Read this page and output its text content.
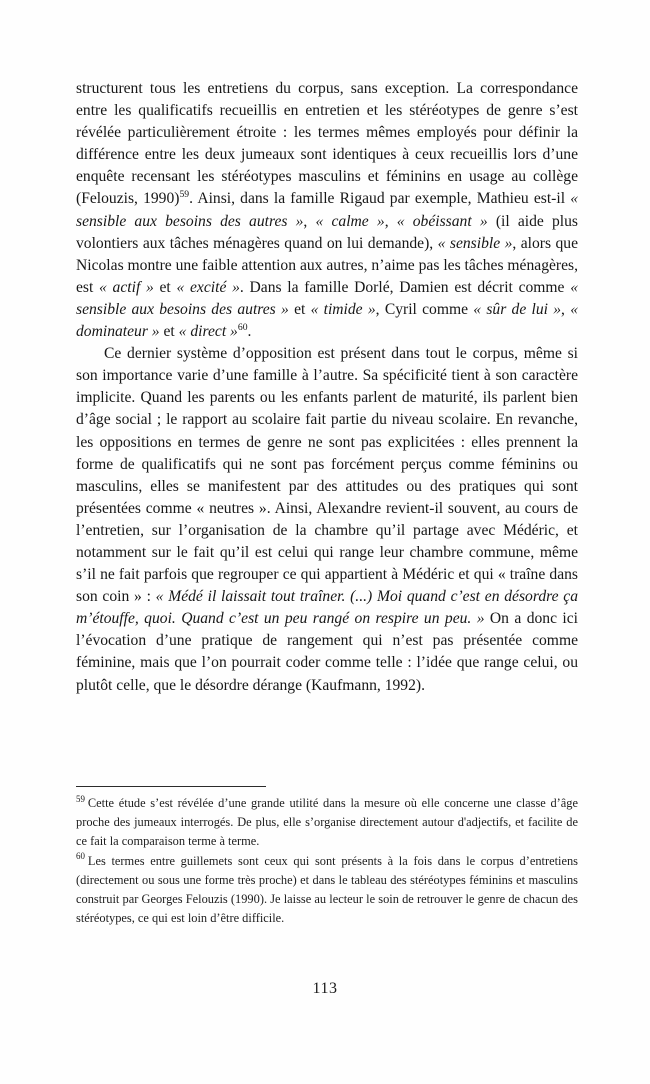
structurent tous les entretiens du corpus, sans exception. La correspondance entre les qualificatifs recueillis en entretien et les stéréotypes de genre s’est révélée particulièrement étroite : les termes mêmes employés pour définir la différence entre les deux jumeaux sont identiques à ceux recueillis lors d’une enquête recensant les stéréotypes masculins et féminins en usage au collège (Felouzis, 1990)$^{59}$. Ainsi, dans la famille Rigaud par exemple, Mathieu est-il « sensible aux besoins des autres », « calme », « obéissant » (il aide plus volontiers aux tâches ménagères quand on lui demande), « sensible », alors que Nicolas montre une faible attention aux autres, n’aime pas les tâches ménagères, est « actif » et « excité ». Dans la famille Dorlé, Damien est décrit comme « sensible aux besoins des autres » et « timide », Cyril comme « sûr de lui », « dominateur » et « direct »$^{60}$.

Ce dernier système d’opposition est présent dans tout le corpus, même si son importance varie d’une famille à l’autre. Sa spécificité tient à son caractère implicite. Quand les parents ou les enfants parlent de maturité, ils parlent bien d’âge social ; le rapport au scolaire fait partie du niveau scolaire. En revanche, les oppositions en termes de genre ne sont pas explicitées : elles prennent la forme de qualificatifs qui ne sont pas forcément perçus comme féminins ou masculins, elles se manifestent par des attitudes ou des pratiques qui sont présentées comme « neutres ». Ainsi, Alexandre revient-il souvent, au cours de l’entretien, sur l’organisation de la chambre qu’il partage avec Médéric, et notamment sur le fait qu’il est celui qui range leur chambre commune, même s’il ne fait parfois que regrouper ce qui appartient à Médéric et qui « traîne dans son coin » : « Médé il laissait tout traîner. (...) Moi quand c’est en désordre ça m’étouffe, quoi. Quand c’est un peu rangé on respire un peu. » On a donc ici l’évocation d’une pratique de rangement qui n’est pas présentée comme féminine, mais que l’on pourrait coder comme telle : l’idée que range celui, ou plutôt celle, que le désordre dérange (Kaufmann, 1992).

$^{59}$ Cette étude s’est révélée d’une grande utilité dans la mesure où elle concerne une classe d’âge proche des jumeaux interrogés. De plus, elle s’organise directement autour d'adjectifs, et facilite de ce fait la comparaison terme à terme.

$^{60}$ Les termes entre guillemets sont ceux qui sont présents à la fois dans le corpus d’entretiens (directement ou sous une forme très proche) et dans le tableau des stéréotypes féminins et masculins construit par Georges Felouzis (1990). Je laisse au lecteur le soin de retrouver le genre de chacun des stéréotypes, ce qui est loin d’être difficile.

113
